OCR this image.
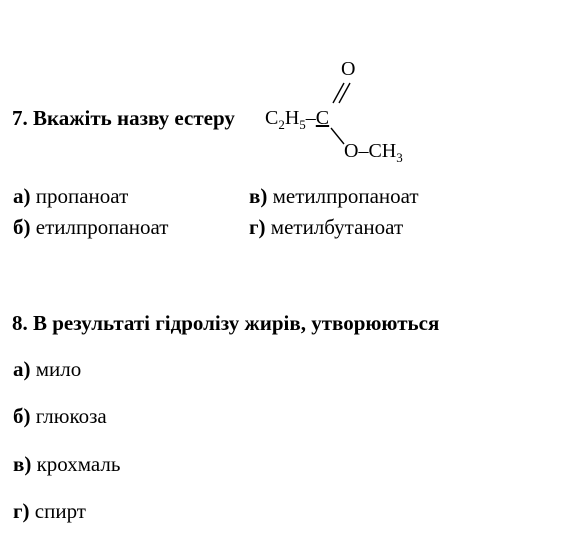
7. Вкажіть назву естеру
O
$C_2H_5-C$
$O-CH_3$
а) пропаноат
б) етилпропаноат
в) метилпропаноат
г) метилбутаноат
8. В результаті гідролізу жирів, утворюються
а) мило
б) глюкоза
в) крохмаль
г) спирт
